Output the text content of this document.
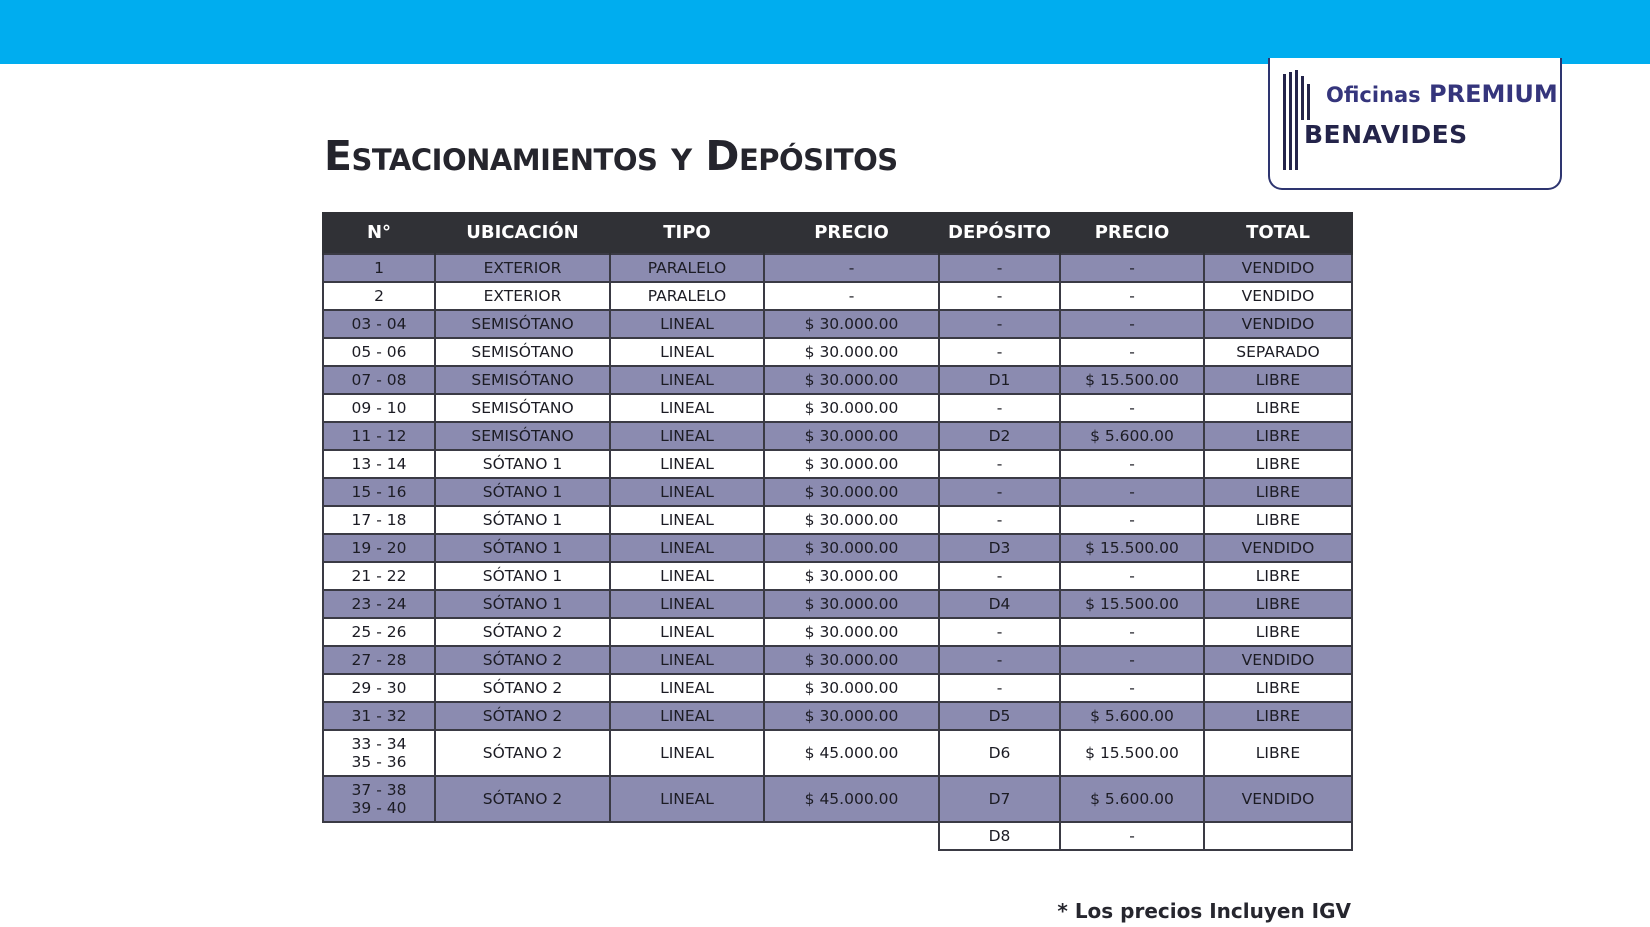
Oficinas PREMIUM
BENAVIDES
Estacionamientos y Depósitos
N°	UBICACIÓN	TIPO	PRECIO	DEPÓSITO	PRECIO	TOTAL
1	EXTERIOR	PARALELO	-	-	-	VENDIDO
2	EXTERIOR	PARALELO	-	-	-	VENDIDO
03 - 04	SEMISÓTANO	LINEAL	$ 30.000.00	-	-	VENDIDO
05 - 06	SEMISÓTANO	LINEAL	$ 30.000.00	-	-	SEPARADO
07 - 08	SEMISÓTANO	LINEAL	$ 30.000.00	D1	$ 15.500.00	LIBRE
09 - 10	SEMISÓTANO	LINEAL	$ 30.000.00	-	-	LIBRE
11 - 12	SEMISÓTANO	LINEAL	$ 30.000.00	D2	$ 5.600.00	LIBRE
13 - 14	SÓTANO 1	LINEAL	$ 30.000.00	-	-	LIBRE
15 - 16	SÓTANO 1	LINEAL	$ 30.000.00	-	-	LIBRE
17 - 18	SÓTANO 1	LINEAL	$ 30.000.00	-	-	LIBRE
19 - 20	SÓTANO 1	LINEAL	$ 30.000.00	D3	$ 15.500.00	VENDIDO
21 - 22	SÓTANO 1	LINEAL	$ 30.000.00	-	-	LIBRE
23 - 24	SÓTANO 1	LINEAL	$ 30.000.00	D4	$ 15.500.00	LIBRE
25 - 26	SÓTANO 2	LINEAL	$ 30.000.00	-	-	LIBRE
27 - 28	SÓTANO 2	LINEAL	$ 30.000.00	-	-	VENDIDO
29 - 30	SÓTANO 2	LINEAL	$ 30.000.00	-	-	LIBRE
31 - 32	SÓTANO 2	LINEAL	$ 30.000.00	D5	$ 5.600.00	LIBRE

33 - 34
35 - 36	SÓTANO 2	LINEAL	$ 45.000.00	D6	$ 15.500.00	LIBRE

37 - 38
39 - 40	SÓTANO 2	LINEAL	$ 45.000.00	D7	$ 5.600.00	VENDIDO
				D8	-	
* Los precios Incluyen IGV
